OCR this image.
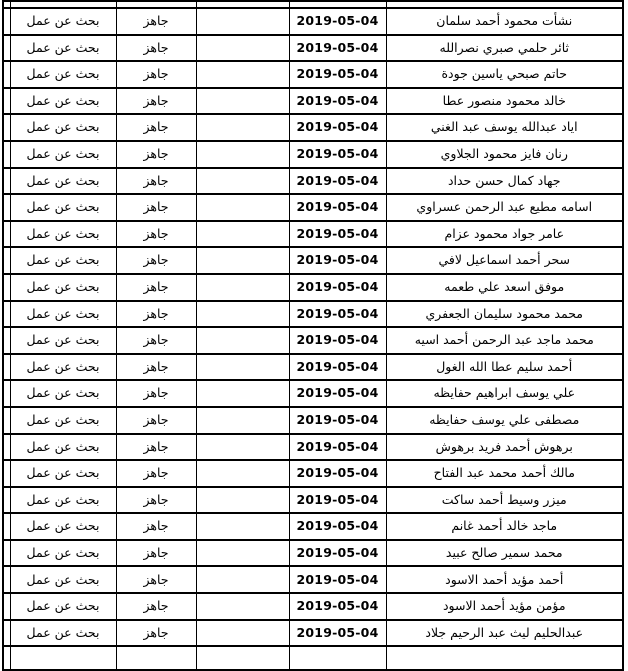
	بحث عن عمل	جاهز		2019-05-04	نشأت محمود أحمد سلمان
	بحث عن عمل	جاهز		2019-05-04	ثائر حلمي صبري نصرالله
	بحث عن عمل	جاهز		2019-05-04	حاتم صبحي ياسين جودة
	بحث عن عمل	جاهز		2019-05-04	خالد محمود منصور عطا
	بحث عن عمل	جاهز		2019-05-04	اياد عبدالله يوسف عبد الغني
	بحث عن عمل	جاهز		2019-05-04	رنان فايز محمود الجلاوي
	بحث عن عمل	جاهز		2019-05-04	جهاد كمال حسن حداد
	بحث عن عمل	جاهز		2019-05-04	اسامه مطيع عبد الرحمن عسراوي
	بحث عن عمل	جاهز		2019-05-04	عامر جواد محمود عزام
	بحث عن عمل	جاهز		2019-05-04	سحر أحمد اسماعيل لافي
	بحث عن عمل	جاهز		2019-05-04	موفق اسعد علي طعمه
	بحث عن عمل	جاهز		2019-05-04	محمد محمود سليمان الجعفري
	بحث عن عمل	جاهز		2019-05-04	محمد ماجد عبد الرحمن أحمد اسيه
	بحث عن عمل	جاهز		2019-05-04	أحمد سليم عطا الله الغول
	بحث عن عمل	جاهز		2019-05-04	علي يوسف ابراهيم حفايظه
	بحث عن عمل	جاهز		2019-05-04	مصطفى علي يوسف حفايظه
	بحث عن عمل	جاهز		2019-05-04	برهوش أحمد فريد برهوش
	بحث عن عمل	جاهز		2019-05-04	مالك أحمد محمد عبد الفتاح
	بحث عن عمل	جاهز		2019-05-04	ميزر وسيط أحمد ساكت
	بحث عن عمل	جاهز		2019-05-04	ماجد خالد أحمد غانم
	بحث عن عمل	جاهز		2019-05-04	محمد سمير صالح عبيد
	بحث عن عمل	جاهز		2019-05-04	أحمد مؤيد أحمد الاسود
	بحث عن عمل	جاهز		2019-05-04	مؤمن مؤيد أحمد الاسود
	بحث عن عمل	جاهز		2019-05-04	عبدالحليم ليث عبد الرحيم جلاد
